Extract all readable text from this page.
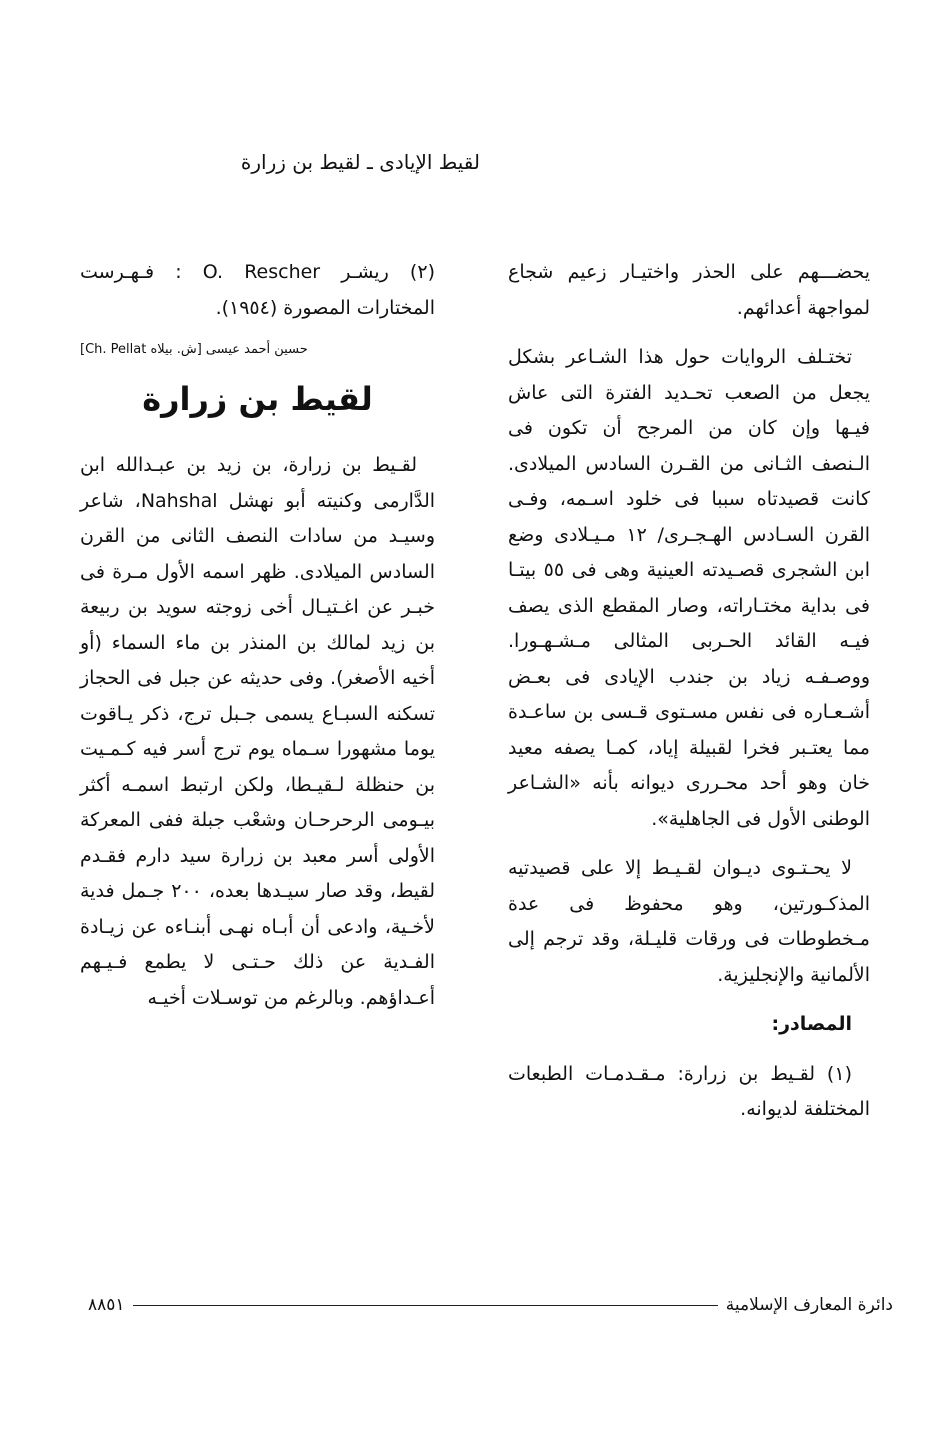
لقيط الإيادى ـ لقيط بن زرارة

يحضـــهم على الحذر واختيـار زعيم شجاع لمواجهة أعدائهم.

تختـلف الروايات حول هذا الشـاعر بشكل يجعل من الصعب تحـديد الفترة التى عاش فيـها وإن كان من المرجح أن تكون فى الـنصف الثـانى من القـرن السادس الميلادى. كانت قصيدتاه سببا فى خلود اسـمه، وفـى القرن السـادس الهـجـرى/ ١٢ مـيـلادى وضع ابن الشجرى قصـيدته العينية وهى فى ٥٥ بيتـا فى بداية مختـاراته، وصار المقطع الذى يصف فيـه القائد الحـربى المثالى مـشـهـورا. ووصـفـه زياد بن جندب الإيادى فى بعـض أشـعـاره فى نفس مسـتوى قـسى بن ساعـدة مما يعتـبر فخرا لقبيلة إياد، كمـا يصفه معيد خان وهو أحد محـررى ديوانه بأنه «الشـاعر الوطنى الأول فى الجاهلية».

لا يحـتـوى ديـوان لقـيـط إلا على قصيدتيه المذكـورتين، وهو محفوظ فى عدة مـخطوطات فى ورقات قليـلة، وقد ترجم إلى الألمانية والإنجليزية.

المصادر:

(١) لقـيط بن زرارة: مـقـدمـات الطبعات المختلفة لديوانه.

(٢) ريشـر O. Rescher : فـهـرست المختارات المصورة (١٩٥٤).

حسين أحمد عيسى [ش. بيلاه Ch. Pellat]
لقيط بن زرارة

لقـيط بن زرارة، بن زيد بن عبـدالله ابن الدَّارمى وكنيته أبو نهشل Nahshal، شاعر وسيـد من سادات النصف الثانى من القرن السادس الميلادى. ظهر اسمه الأول مـرة فى خبـر عن اغـتيـال أخى زوجته سويد بن ربيعة بن زيد لمالك بن المنذر بن ماء السماء (أو أخيه الأصغر). وفى حديثه عن جبل فى الحجاز تسكنه السبـاع يسمى جـبل ترج، ذكر يـاقوت يوما مشهورا سـماه يوم ترج أسر فيه كـمـيت بن حنظلة لـقيـطا، ولكن ارتبط اسمـه أكثر بيـومى الرحرحـان وشعْب جبلة ففى المعركة الأولى أسر معبد بن زرارة سيد دارم فقـدم لقيط، وقد صار سيـدها بعده، ٢٠٠ جـمل فدية لأخـية، وادعى أن أبـاه نهـى أبنـاءه عن زيـادة الفـدية عن ذلك حـتـى لا يطمع فـيـهم أعـداؤهم. وبالرغم من توسـلات أخيـه

دائرة المعارف الإسلامية
٨٨٥١
